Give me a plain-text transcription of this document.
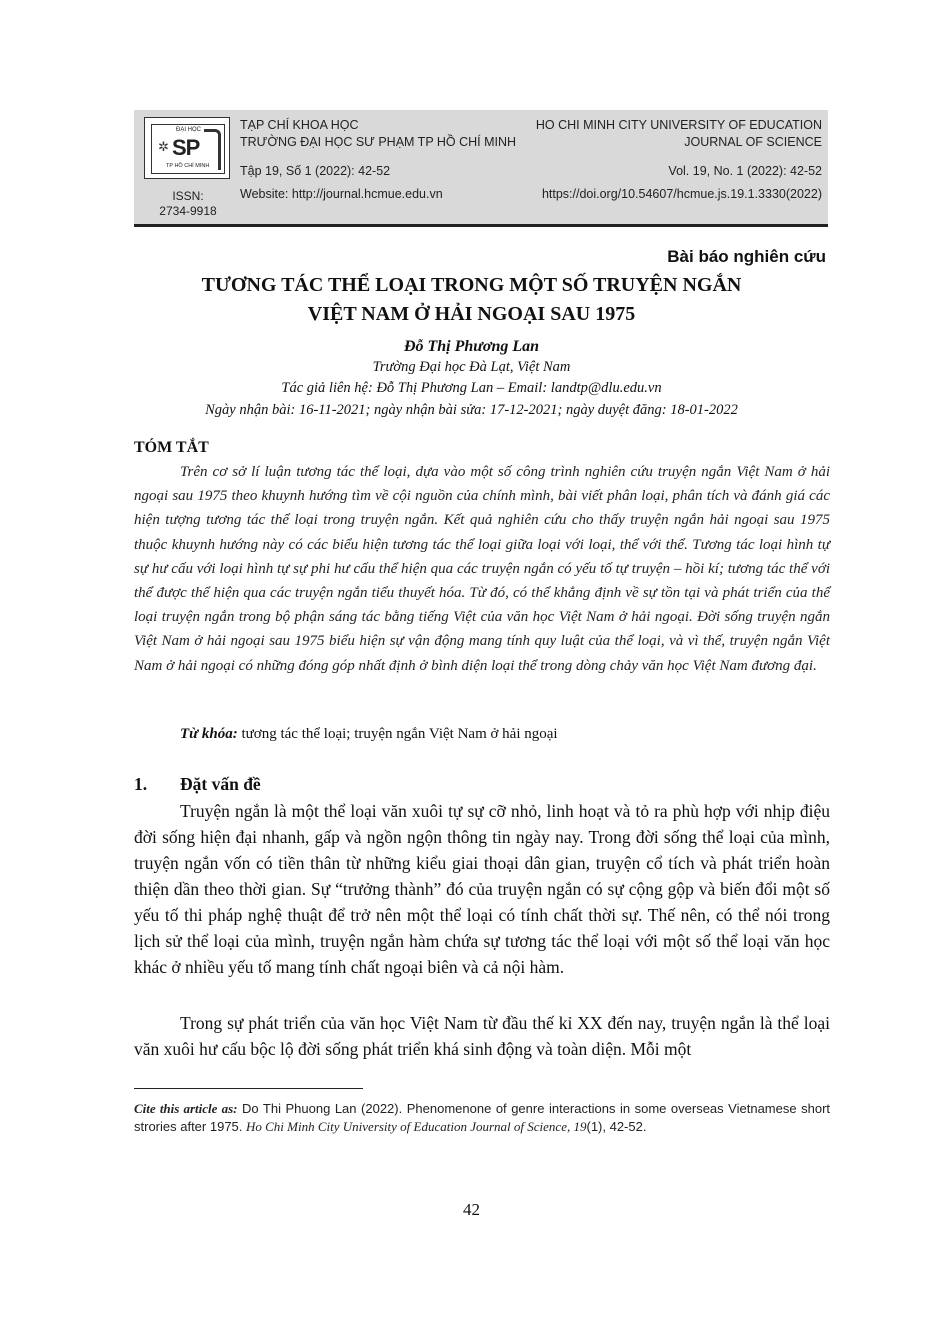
ĐẠI HỌC
✲ SP
TP HỒ CHÍ MINH
TẠP CHÍ KHOA HỌC
TRƯỜNG ĐẠI HỌC SƯ PHẠM TP HỒ CHÍ MINH
Tập 19, Số 1 (2022): 42-52
Website: http://journal.hcmue.edu.vn
HO CHI MINH CITY UNIVERSITY OF EDUCATION
JOURNAL OF SCIENCE
Vol. 19, No. 1 (2022): 42-52
https://doi.org/10.54607/hcmue.js.19.1.3330(2022)
ISSN:
2734-9918
Bài báo nghiên cứu
TƯƠNG TÁC THỂ LOẠI TRONG MỘT SỐ TRUYỆN NGẮN
VIỆT NAM Ở HẢI NGOẠI SAU 1975
Đỗ Thị Phương Lan
Trường Đại học Đà Lạt, Việt Nam
Tác giả liên hệ: Đỗ Thị Phương Lan – Email: landtp@dlu.edu.vn
Ngày nhận bài: 16-11-2021; ngày nhận bài sửa: 17-12-2021; ngày duyệt đăng: 18-01-2022
TÓM TẮT
Trên cơ sở lí luận tương tác thể loại, dựa vào một số công trình nghiên cứu truyện ngắn Việt Nam ở hải ngoại sau 1975 theo khuynh hướng tìm về cội nguồn của chính mình, bài viết phân loại, phân tích và đánh giá các hiện tượng tương tác thể loại trong truyện ngắn. Kết quả nghiên cứu cho thấy truyện ngắn hải ngoại sau 1975 thuộc khuynh hướng này có các biểu hiện tương tác thể loại giữa loại với loại, thể với thể. Tương tác loại hình tự sự hư cấu với loại hình tự sự phi hư cấu thể hiện qua các truyện ngắn có yếu tố tự truyện – hồi kí; tương tác thể với thể được thể hiện qua các truyện ngắn tiểu thuyết hóa. Từ đó, có thể khẳng định về sự tồn tại và phát triển của thể loại truyện ngắn trong bộ phận sáng tác bằng tiếng Việt của văn học Việt Nam ở hải ngoại. Đời sống truyện ngắn Việt Nam ở hải ngoại sau 1975 biểu hiện sự vận động mang tính quy luật của thể loại, và vì thế, truyện ngắn Việt Nam ở hải ngoại có những đóng góp nhất định ở bình diện loại thể trong dòng chảy văn học Việt Nam đương đại.
Từ khóa: tương tác thể loại; truyện ngắn Việt Nam ở hải ngoại
1. Đặt vấn đề
Truyện ngắn là một thể loại văn xuôi tự sự cỡ nhỏ, linh hoạt và tỏ ra phù hợp với nhịp điệu đời sống hiện đại nhanh, gấp và ngồn ngộn thông tin ngày nay. Trong đời sống thể loại của mình, truyện ngắn vốn có tiền thân từ những kiểu giai thoại dân gian, truyện cổ tích và phát triển hoàn thiện dần theo thời gian. Sự “trưởng thành” đó của truyện ngắn có sự cộng gộp và biến đổi một số yếu tố thi pháp nghệ thuật để trở nên một thể loại có tính chất thời sự. Thế nên, có thể nói trong lịch sử thể loại của mình, truyện ngắn hàm chứa sự tương tác thể loại với một số thể loại văn học khác ở nhiều yếu tố mang tính chất ngoại biên và cả nội hàm.
Trong sự phát triển của văn học Việt Nam từ đầu thế kỉ XX đến nay, truyện ngắn là thể loại văn xuôi hư cấu bộc lộ đời sống phát triển khá sinh động và toàn diện. Mỗi một
Cite this article as: Do Thi Phuong Lan (2022). Phenomenone of genre interactions in some overseas Vietnamese short strories after 1975. Ho Chi Minh City University of Education Journal of Science, 19(1), 42-52.
42
